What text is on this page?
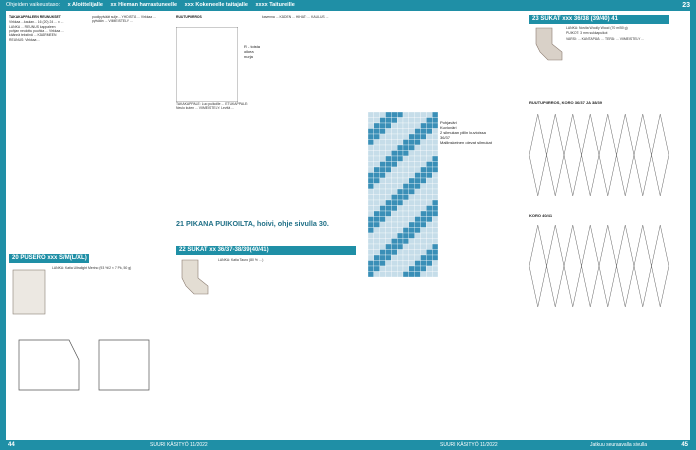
Ohjeiden vaikeustaso: x Aloittelijalle xx Hieman harrastuneelle xxx Kokeneelle taitajalle xxxx Taitureille	23

TAKAKAPPALEEN REUNUKSET

Virkkaa ...kaulan... 16 (20) 24 ... x ... LANKA ... REUNUS kappaleen pohjan neulottu puuhka ... Virkkaa ... käännä tekstinä ... KÄÄRMEEN REUNUS: Virkkaa ...

puolipylväät sulje... YHDISTÄ ... Virkkaa ... pylvään ... VIIMEISTELY ...

RUUTUPIIRROS

R - toista
oikea
nurja

TAKAKAPPALE: Luo puikoille ... ETUKAPPALE: Neulo kuten ... VIIMEISTELY: Levitä ...

kavenna ... KÄDEN ... HIHAT: ... KAULUS ...

21 PIKANA PUIKOILTA, hoivi, ohje sivulla 30.
23 SUKAT xxx 36/38 (39/40) 41

LANKA: Novita Woolly Wood (70 m/50 g)

PUIKOT: 3 mm sukkapuikot

VARSI: ... KANTAPÄÄ: ... TERÄ: ... VIIMEISTELY ...

RUUTUPIIRROS, KORO 36/37 JA 38/39
Pohjaväri
Kuvioväri
2 silmukan pillin kuvioissa 36/37
Mallinskeinen olevat silmukat
KORO 40/41
20 PUSERO xxx S/M(L/XL)

LANKA: Katia Ultralight Merino (93 %/2 × 7 Pk, 50 g)

22 SUKAT xx 36/37-38/39(40/41)

LANKA: Katia Tauro (80 % …)

44	SUURI KÄSITYÖ 11/2022	SUURI KÄSITYÖ 11/2022	Jatkuu seuraavalla sivulla	45
